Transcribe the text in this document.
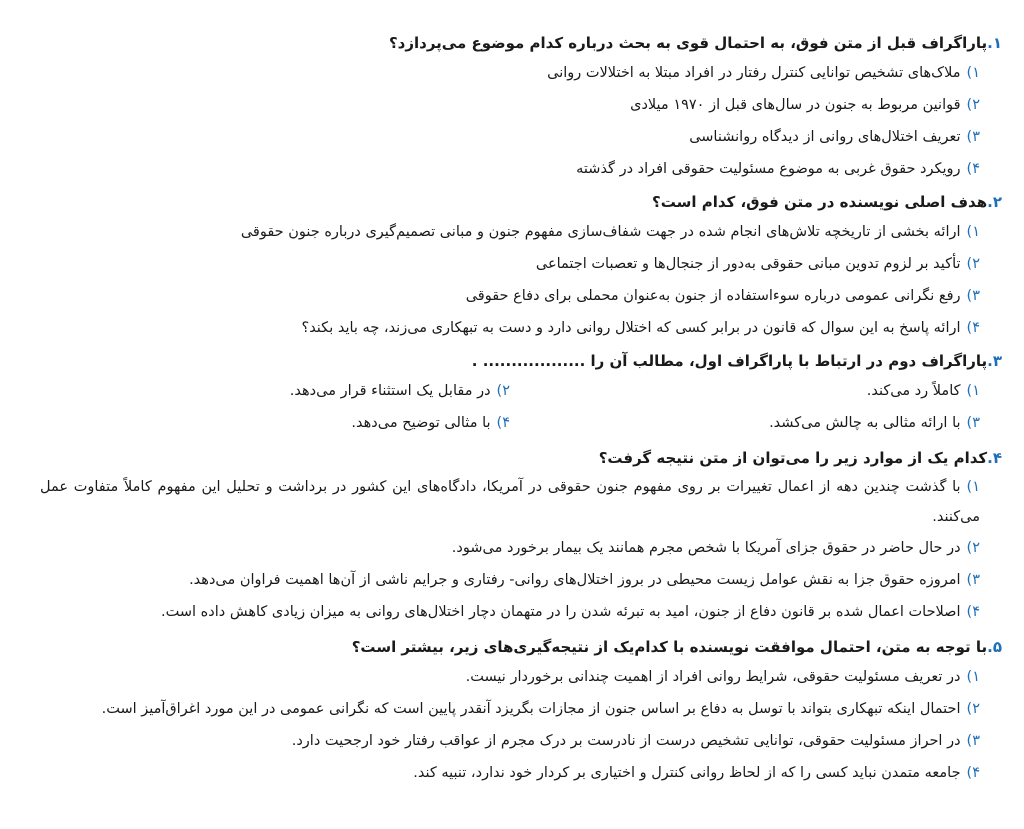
۱.پاراگراف قبل از متن فوق، به احتمال قوی به بحث درباره کدام موضوع می‌پردازد؟
۱)ملاک‌های تشخیص توانایی کنترل رفتار در افراد مبتلا به اختلالات روانی
۲)قوانین مربوط به جنون در سال‌های قبل از ۱۹۷۰ میلادی
۳)تعریف اختلال‌های روانی از دیدگاه روانشناسی
۴)رویکرد حقوق غربی به موضوع مسئولیت حقوقی افراد در گذشته
۲.هدف اصلی نویسنده در متن فوق، کدام است؟
۱)ارائه بخشی از تاریخچه تلاش‌های انجام شده در جهت شفاف‌سازی مفهوم جنون و مبانی تصمیم‌گیری درباره جنون حقوقی
۲)تأکید بر لزوم تدوین مبانی حقوقی به‌دور از جنجال‌ها و تعصبات اجتماعی
۳)رفع نگرانی عمومی درباره سوءاستفاده از جنون به‌عنوان محملی برای دفاع حقوقی
۴)ارائه پاسخ به این سوال که قانون در برابر کسی که اختلال روانی دارد و دست به تبهکاری می‌زند، چه باید بکند؟
۳.پاراگراف دوم در ارتباط با پاراگراف اول، مطالب آن را .................. .
۱)کاملاً رد می‌کند.
۲)در مقابل یک استثناء قرار می‌دهد.
۳)با ارائه مثالی به چالش می‌کشد.
۴)با مثالی توضیح می‌دهد.
۴.کدام یک از موارد زیر را می‌توان از متن نتیجه گرفت؟
۱)با گذشت چندین دهه از اعمال تغییرات بر روی مفهوم جنون حقوقی در آمریکا، دادگاه‌های این کشور در برداشت و تحلیل این مفهوم کاملاً متفاوت عمل می‌کنند.
۲)در حال حاضر در حقوق جزای آمریکا با شخص مجرم همانند یک بیمار برخورد می‌شود.
۳)امروزه حقوق جزا به نقش عوامل زیست محیطی در بروز اختلال‌های روانی- رفتاری و جرایم ناشی از آن‌ها اهمیت فراوان می‌دهد.
۴)اصلاحات اعمال شده بر قانون دفاع از جنون، امید به تبرئه شدن را در متهمان دچار اختلال‌های روانی به میزان زیادی کاهش داده است.
۵.با توجه به متن، احتمال موافقت نویسنده با کدام‌یک از نتیجه‌گیری‌های زیر، بیشتر است؟
۱)در تعریف مسئولیت حقوقی، شرایط روانی افراد از اهمیت چندانی برخوردار نیست.
۲)احتمال اینکه تبهکاری بتواند با توسل به دفاع بر اساس جنون از مجازات بگریزد آنقدر پایین است که نگرانی عمومی در این مورد اغراق‌آمیز است.
۳)در احراز مسئولیت حقوقی، توانایی تشخیص درست از نادرست بر درک مجرم از عواقب رفتار خود ارجحیت دارد.
۴)جامعه متمدن نباید کسی را که از لحاظ روانی کنترل و اختیاری بر کردار خود ندارد، تنبیه کند.
